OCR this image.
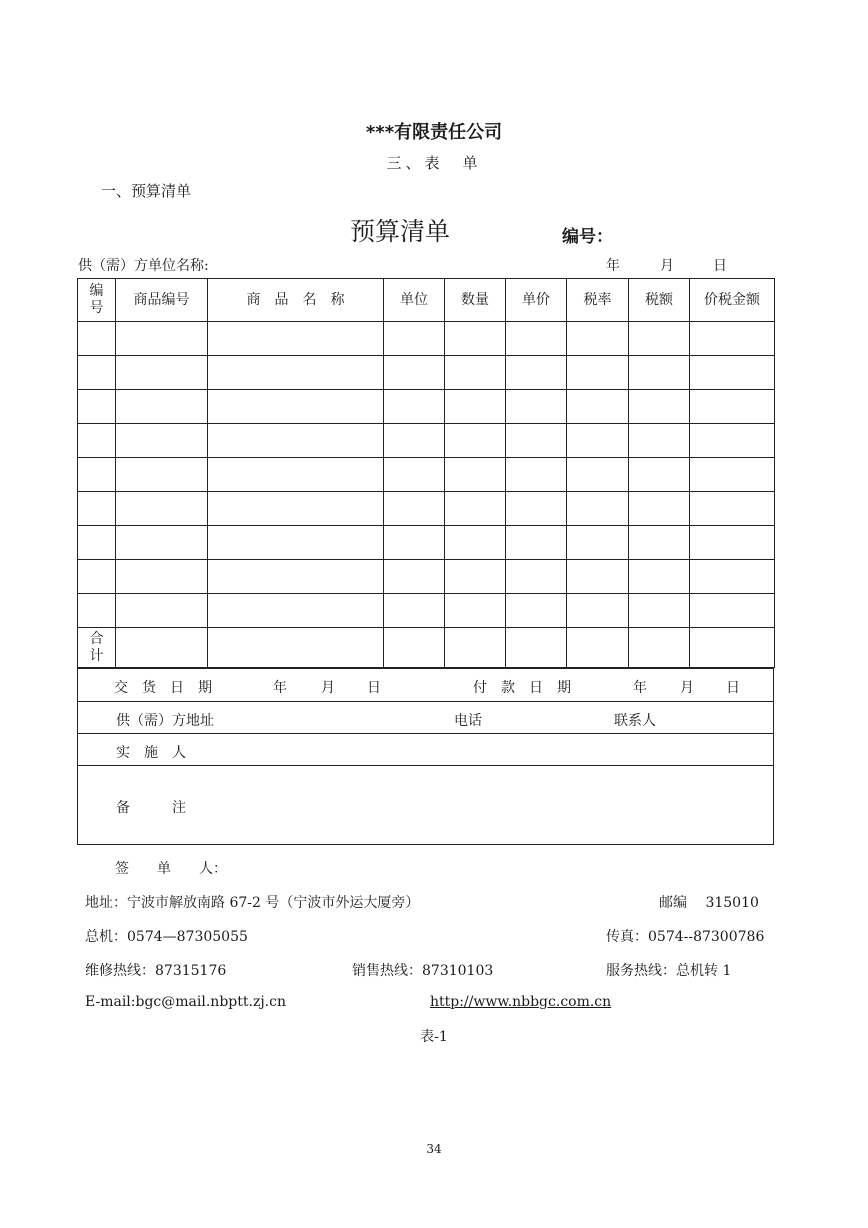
***有限责任公司
三、表　单
一、预算清单
预算清单	编号：
供（需）方单位名称:	年	月	日
编号	商品编号	商　品　名　称	单位	数量	单价	税率	税额	价税金额

合计								
交　货　日　期	年 月 日	付　款　日　期	年 月 日

供（需）方地址	电话	联系人

实　施　人

备　　　注
签　　单　　人：
地址：宁波市解放南路 67-2 号（宁波市外运大厦旁）	邮编　 315010
总机：0574—87305055	传真：0574--87300786
维修热线：87315176	销售热线：87310103	服务热线：总机转 1
E-mail:bgc@mail.nbptt.zj.cn	http://www.nbbgc.com.cn
表-1
34
